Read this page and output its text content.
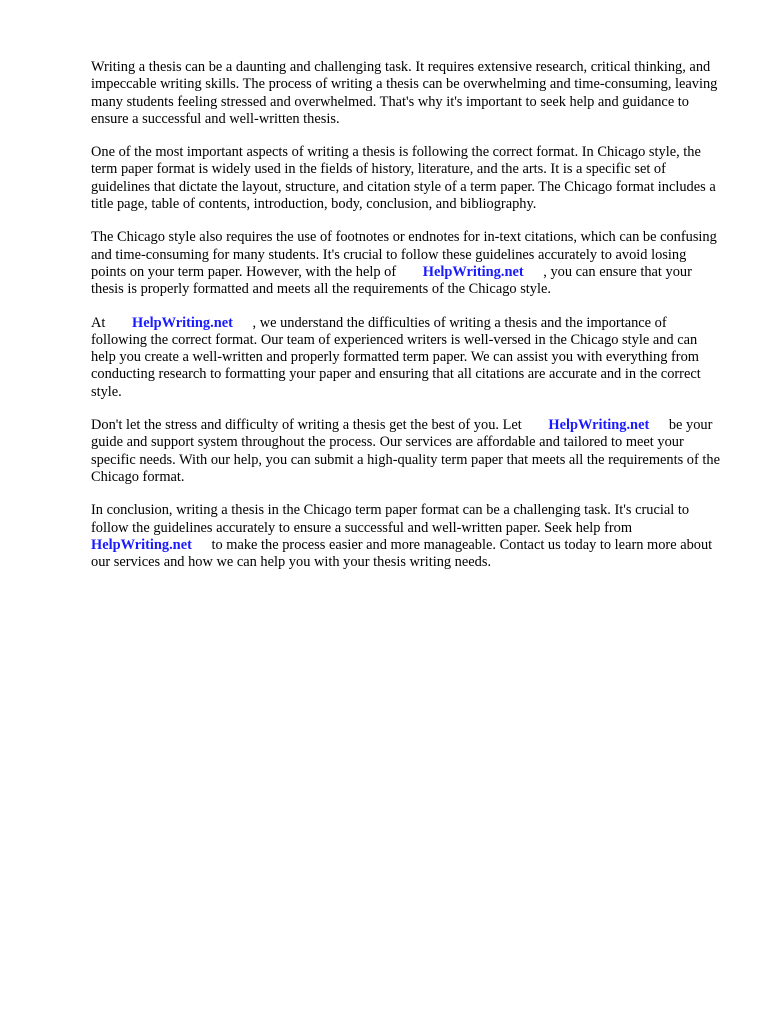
Writing a thesis can be a daunting and challenging task. It requires extensive research, critical thinking, and impeccable writing skills. The process of writing a thesis can be overwhelming and time-consuming, leaving many students feeling stressed and overwhelmed. That's why it's important to seek help and guidance to ensure a successful and well-written thesis.

One of the most important aspects of writing a thesis is following the correct format. In Chicago style, the term paper format is widely used in the fields of history, literature, and the arts. It is a specific set of guidelines that dictate the layout, structure, and citation style of a term paper. The Chicago format includes a title page, table of contents, introduction, body, conclusion, and bibliography.

The Chicago style also requires the use of footnotes or endnotes for in-text citations, which can be confusing and time-consuming for many students. It's crucial to follow these guidelines accurately to avoid losing points on your term paper. However, with the help of HelpWriting.net , you can ensure that your thesis is properly formatted and meets all the requirements of the Chicago style.

At HelpWriting.net , we understand the difficulties of writing a thesis and the importance of following the correct format. Our team of experienced writers is well-versed in the Chicago style and can help you create a well-written and properly formatted term paper. We can assist you with everything from conducting research to formatting your paper and ensuring that all citations are accurate and in the correct style.

Don't let the stress and difficulty of writing a thesis get the best of you. Let HelpWriting.net be your guide and support system throughout the process. Our services are affordable and tailored to meet your specific needs. With our help, you can submit a high-quality term paper that meets all the requirements of the Chicago format.

In conclusion, writing a thesis in the Chicago term paper format can be a challenging task. It's crucial to follow the guidelines accurately to ensure a successful and well-written paper. Seek help from HelpWriting.net to make the process easier and more manageable. Contact us today to learn more about our services and how we can help you with your thesis writing needs.
